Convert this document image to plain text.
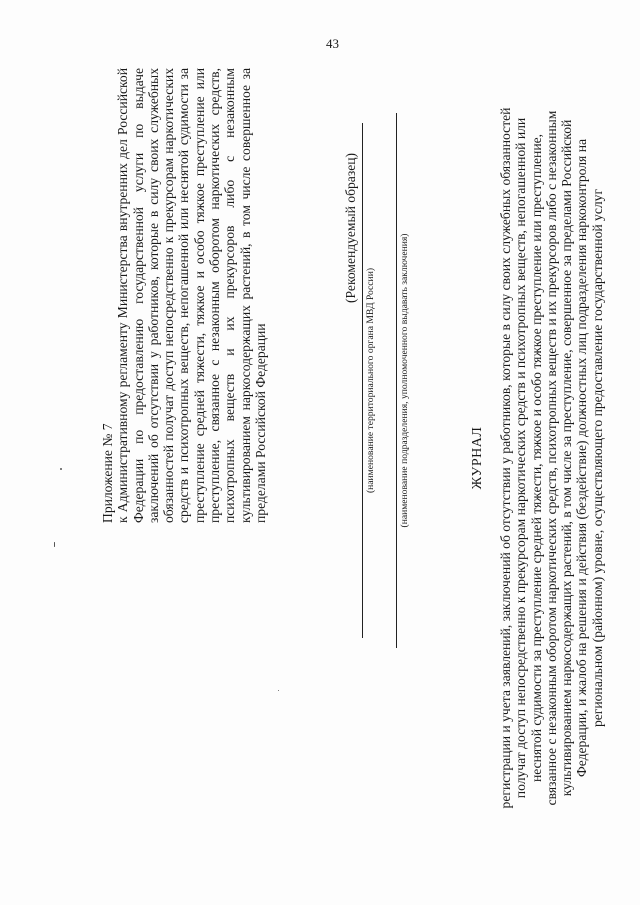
43
Приложение № 7 к Административному регламенту Министерства внутренних дел Российской Федерации по предоставлению государственной услуги по выдаче заключений об отсутствии у работников, которые в силу своих служебных обязанностей получат доступ непосредственно к прекурсорам наркотических средств и психотропных веществ, непогашенной или неснятой судимости за преступление средней тяжести, тяжкое и особо тяжкое преступление или преступление, связанное с незаконным оборотом наркотических средств, психотропных веществ и их прекурсоров либо с незаконным культивированием наркосодержащих растений, в том числе совершенное за пределами Российской Федерации
(Рекомендуемый образец)
(наименование территориального органа МВД России) (наименование подразделения, уполномоченного выдавать заключения)	ЖУРНАЛ регистрации и учета заявлений, заключений об отсутствии у работников, которые в силу своих служебных обязанностей получат доступ непосредственно к прекурсорам наркотических средств и психотропных веществ, непогашенной или неснятой судимости за преступление средней тяжести, тяжкое и особо тяжкое преступление или преступление, связанное с незаконным оборотом наркотических средств, психотропных веществ и их прекурсоров либо с незаконным культивированием наркосодержащих растений, в том числе за преступление, совершенное за пределами Российской Федерации, и жалоб на решения и действия (бездействие) должностных лиц подразделения наркоконтроля на региональном (районном) уровне, осуществляющего предоставление государственной услуг
